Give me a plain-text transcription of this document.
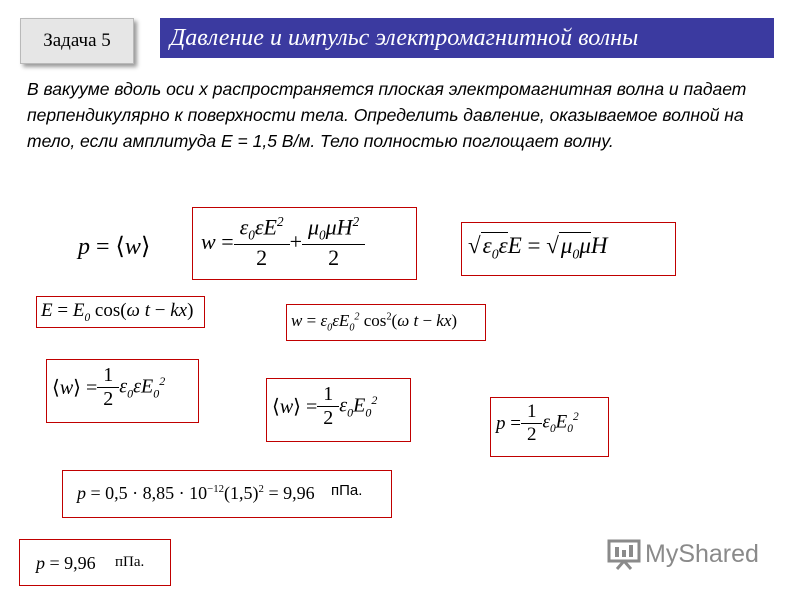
Задача 5	Давление и импульс электромагнитной волны

В вакууме вдоль оси х распространяется плоская электромагнитная волна и падает перпендикулярно к поверхности тела. Определить давление, оказываемое волной на тело, если амплитуда Е = 1,5 В/м. Тело полностью поглощает волну.

p = ⟨w⟩ $w = \frac{\varepsilon_0\varepsilon E^2}{2} + \frac{\mu_0\mu H^2}{2}$	$√\varepsilon_0\varepsilon E = √\mu_0\mu H$
$E = E_0$ cos(ω t − kx)	$w = \varepsilon_0\varepsilon E_0^2$ $\cos^2(\omega$ t − kx)
⟨w⟩ = $\frac{1}{2} \varepsilon_0\varepsilon E_0^2$
⟨w⟩ = $\frac{1}{2} \varepsilon_0E_0^2$
$p = \frac{1}{2} \varepsilon_0E_0^2$
$p = 0,5 \cdot 8,85 \cdot 10^{-12}(1,5)^2 = 9,96$ пПа.
p = 9,96 пПа.	MyShared
